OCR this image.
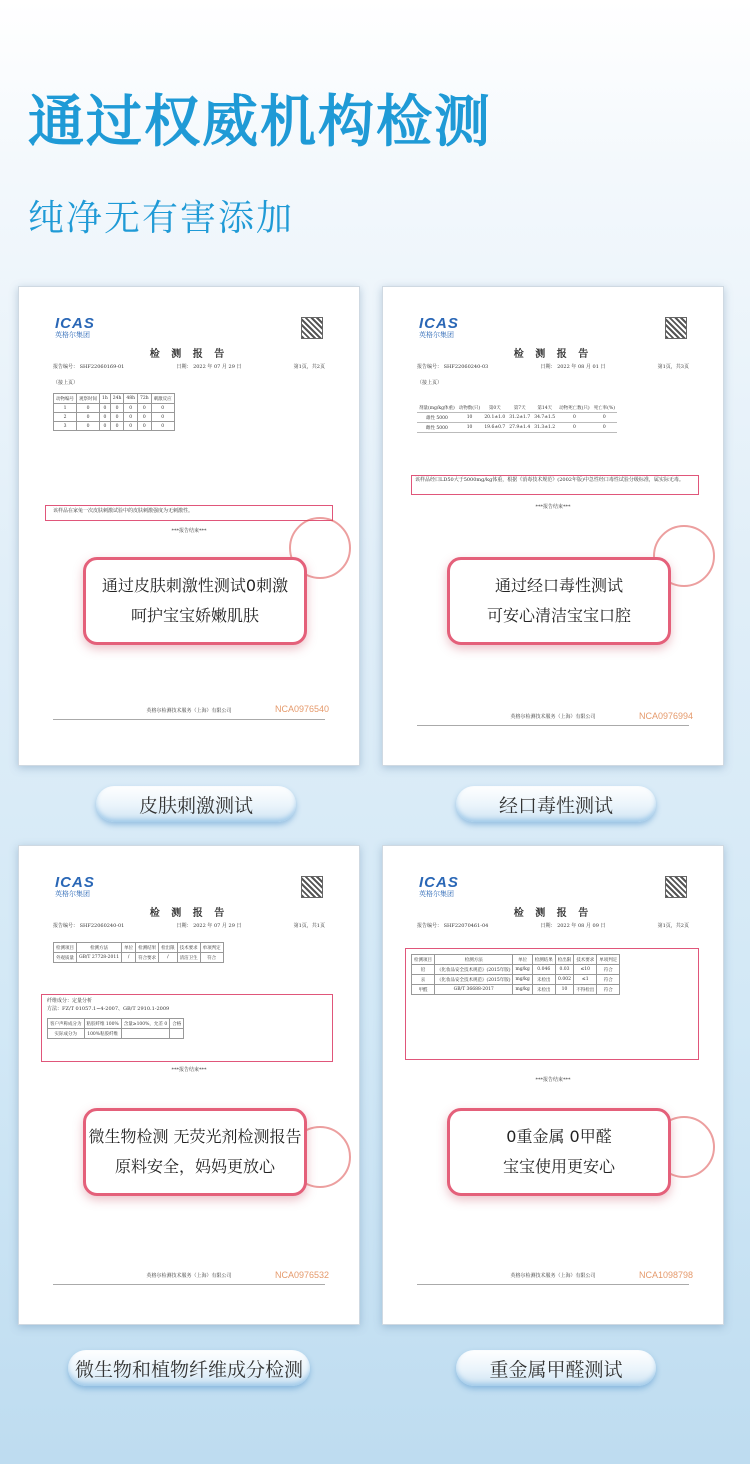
通过权威机构检测
纯净无有害添加
ICAS
英格尔集团
检 测 报 告
报告编号： SHF22060169-01	日期： 2022 年 07 月 29 日	第1页，共2页
（接上页）
动物编号	观察时间	1h	24h	48h	72h	刺激反应
1	0	0	0	0	0	0
2	0	0	0	0	0	0
3	0	0	0	0	0	0
该样品在家兔一次皮肤刺激试验中的皮肤刺激强度为无刺激性。
***报告结束***
英格尔检测技术服务（上海）有限公司	NCA0976540
通过皮肤刺激性测试0刺激
呵护宝宝娇嫩肌肤
ICAS
英格尔集团
检 测 报 告
报告编号： SHF22060240-03	日期： 2022 年 08 月 01 日	第1页，共3页
（接上页）
剂量(mg/kg体重)	动物数(只)	第0天	第7天	第14天	动物死亡数(只)	死亡率(%)
雄性 5000	10	20.1±1.0	31.2±1.7	34.7±1.5	0	0
雌性 5000	10	19.6±0.7	27.9±1.4	31.3±1.2	0	0
该样品经口LD50大于5000mg/kg体重，根据《消毒技术规范》(2002年版)中急性经口毒性试验分级标准，属实际无毒。
***报告结束***
英格尔检测技术服务（上海）有限公司	NCA0976994
通过经口毒性测试
可安心清洁宝宝口腔
皮肤刺激测试	经口毒性测试
ICAS
英格尔集团
检 测 报 告
报告编号： SHF22060240-01	日期： 2022 年 07 月 29 日	第1页，共1页
检测项目	检测方法	单位	检测结果	检出限	技术要求	单项判定
外观质量	GB/T 27728-2011	/	符合要求	/	清洁卫生	符合
纤维成分：定量分析
方法：FZ/T 01057.1~4-2007、GB/T 2910.1-2009
客户声称成分为	粘胶纤维 100%	含量≥100%，允差 0	合格
实际成分为	100%粘胶纤维		
***报告结束***
英格尔检测技术服务（上海）有限公司	NCA0976532
微生物检测 无荧光剂检测报告
原料安全，妈妈更放心
ICAS
英格尔集团
检 测 报 告
报告编号： SHF22070461-04	日期： 2022 年 08 月 09 日	第1页，共2页
检测项目	检测方法	单位	检测结果	检出限	技术要求	单项判定
铅	《化妆品安全技术规范》(2015年版)	mg/kg	0.046	0.03	≤10	符合
汞	《化妆品安全技术规范》(2015年版)	mg/kg	未检出	0.002	≤1	符合
甲醛	GB/T 36688-2017	mg/kg	未检出	10	不得检出	符合
***报告结束***
英格尔检测技术服务（上海）有限公司	NCA1098798
0重金属 0甲醛
宝宝使用更安心
微生物和植物纤维成分检测	重金属甲醛测试
